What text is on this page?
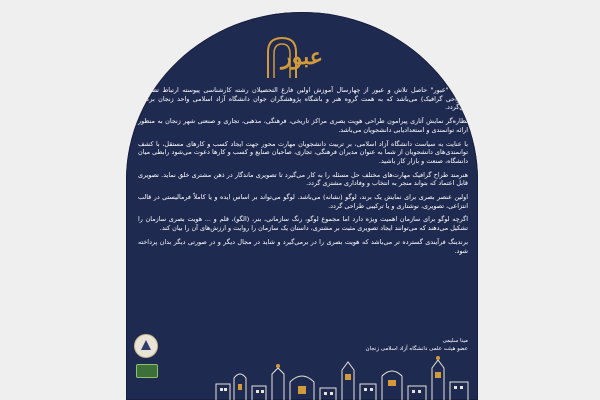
عبور

رویداد "عبور" حاصل تلاش و عبور از چهارسال آموزش اولین فارغ التحصیلان رشته کارشناسی پیوسته ارتباط تصویری (طراحی گرافیک) می‌باشد که به همت گروه هنر و باشگاه پژوهشگران جوان دانشگاه آزاد اسلامی واحد زنجان برگزار می‌گردد.

نظاره‌گر نمایش آثاری پیرامون طراحی هویت بصری مراکز تاریخی، فرهنگی، مذهبی، تجاری و صنعتی شهر زنجان به منظور ارائه توانمندی و استعدادیابی دانشجویان می‌باشد.

با عنایت به سیاست دانشگاه آزاد اسلامی، بر تربیت دانشجویان مهارت محور جهت ایجاد کسب و کارهای مستقل، با کشف توانمندی‌های دانشجویان از شما به عنوان مدیران فرهنگی، تجاری، صاحبان صنایع و کسب و کارها دعوت می‌شود رابطی میان دانشگاه، صنعت و بازار کار باشید.

هنرمند طراح گرافیک مهارت‌های مختلف حل مسئله را به کار می‌گیرد تا تصویری ماندگار در ذهن مشتری خلق نماید. تصویری قابل اعتماد که بتواند منجر به انتخاب و وفاداری مشتری گردد.

اولین عنصر بصری برای نمایش یک برند، لوگو (نشانه) می‌باشد. لوگو می‌تواند بر اساس ایده و یا کاملاً فرمالیستی در قالب انتزاعی، تصویری، نوشتاری و یا ترکیبی طراحی گردد.

اگرچه لوگو برای سازمان اهمیت ویژه دارد اما مجموع لوگو، رنگ سازمانی، بنر، (الگو)، قلم و ... هویت بصری سازمان را تشکیل می‌دهند که می‌توانند ایجاد تصویری مثبت بر مشتری، داستان یک سازمان را روایت و ارزش‌های آن را بیان کند.

برندینگ فرآیندی گسترده تر می‌باشد که هویت بصری را در برمی‌گیرد و شاید در مجال دیگر و در صورتی دیگر بدان پرداخته شود.

مینا سلیمی
عضو هیئت علمی دانشگاه آزاد اسلامی زنجان
